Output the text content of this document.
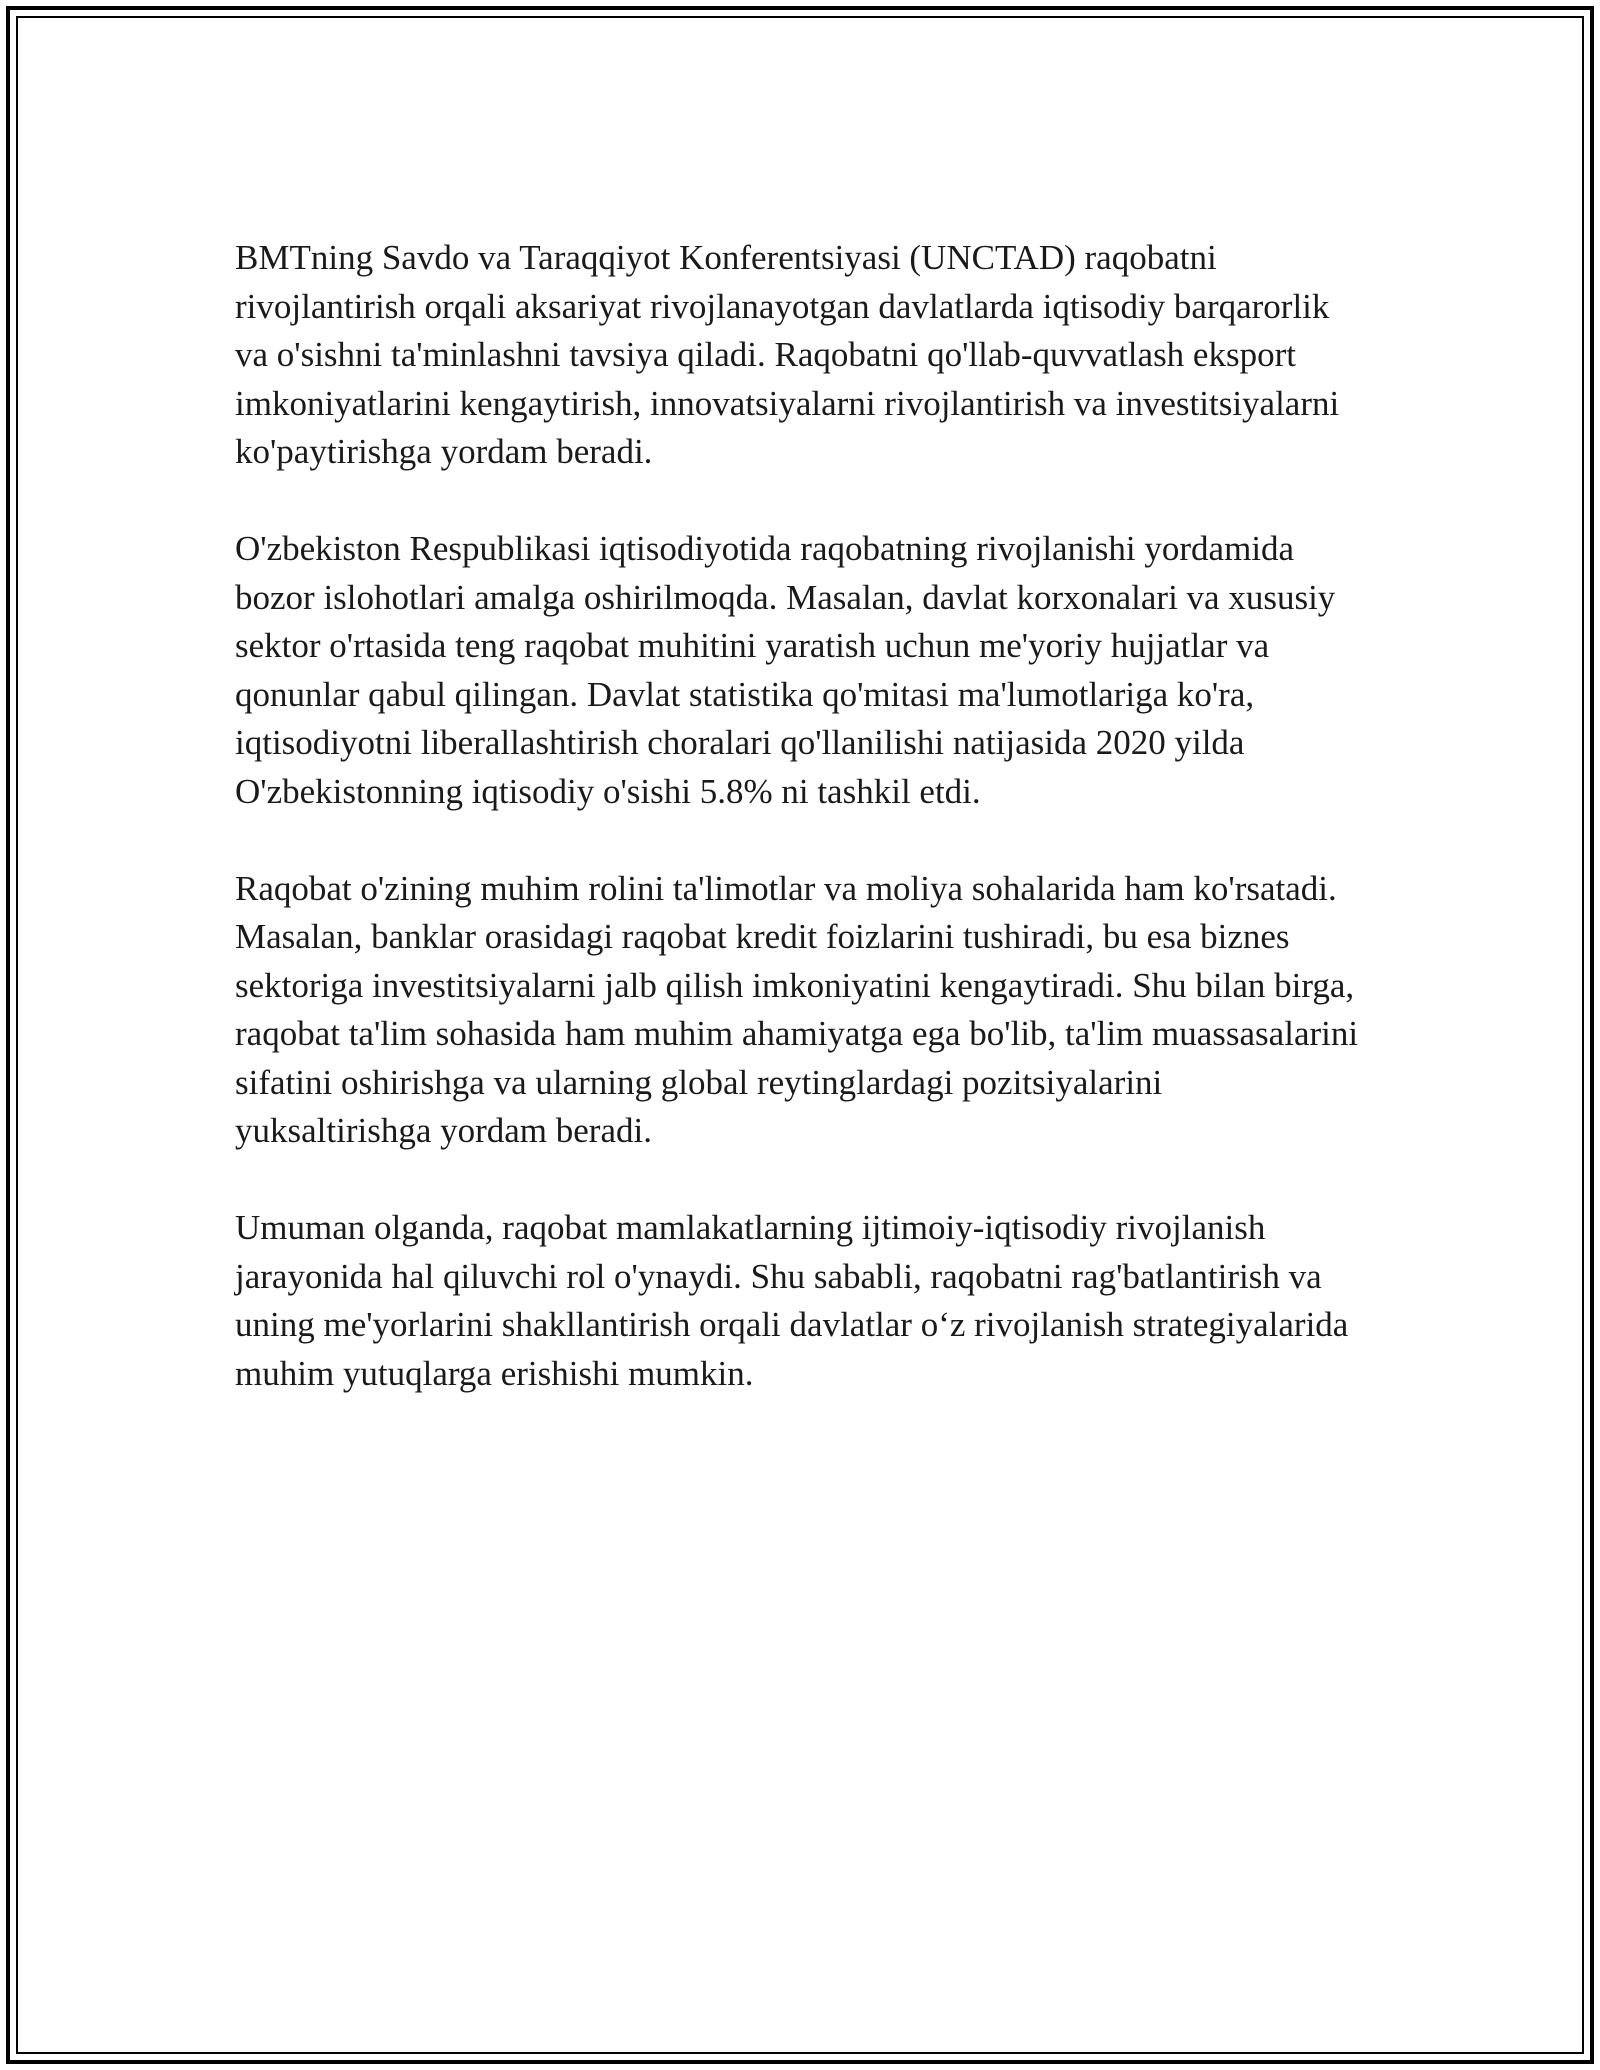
BMTning Savdo va Taraqqiyot Konferentsiyasi (UNCTAD) raqobatni rivojlantirish orqali aksariyat rivojlanayotgan davlatlarda iqtisodiy barqarorlik va o'sishni ta'minlashni tavsiya qiladi. Raqobatni qo'llab-quvvatlash eksport imkoniyatlarini kengaytirish, innovatsiyalarni rivojlantirish va investitsiyalarni ko'paytirishga yordam beradi.

O'zbekiston Respublikasi iqtisodiyotida raqobatning rivojlanishi yordamida bozor islohotlari amalga oshirilmoqda. Masalan, davlat korxonalari va xususiy sektor o'rtasida teng raqobat muhitini yaratish uchun me'yoriy hujjatlar va qonunlar qabul qilingan. Davlat statistika qo'mitasi ma'lumotlariga ko'ra, iqtisodiyotni liberallashtirish choralari qo'llanilishi natijasida 2020 yilda O'zbekistonning iqtisodiy o'sishi 5.8% ni tashkil etdi.

Raqobat o'zining muhim rolini ta'limotlar va moliya sohalarida ham ko'rsatadi. Masalan, banklar orasidagi raqobat kredit foizlarini tushiradi, bu esa biznes sektoriga investitsiyalarni jalb qilish imkoniyatini kengaytiradi. Shu bilan birga, raqobat ta'lim sohasida ham muhim ahamiyatga ega bo'lib, ta'lim muassasalarini sifatini oshirishga va ularning global reytinglardagi pozitsiyalarini yuksaltirishga yordam beradi.

Umuman olganda, raqobat mamlakatlarning ijtimoiy-iqtisodiy rivojlanish jarayonida hal qiluvchi rol o'ynaydi. Shu sababli, raqobatni rag'batlantirish va uning me'yorlarini shakllantirish orqali davlatlar o‘z rivojlanish strategiyalarida muhim yutuqlarga erishishi mumkin.
